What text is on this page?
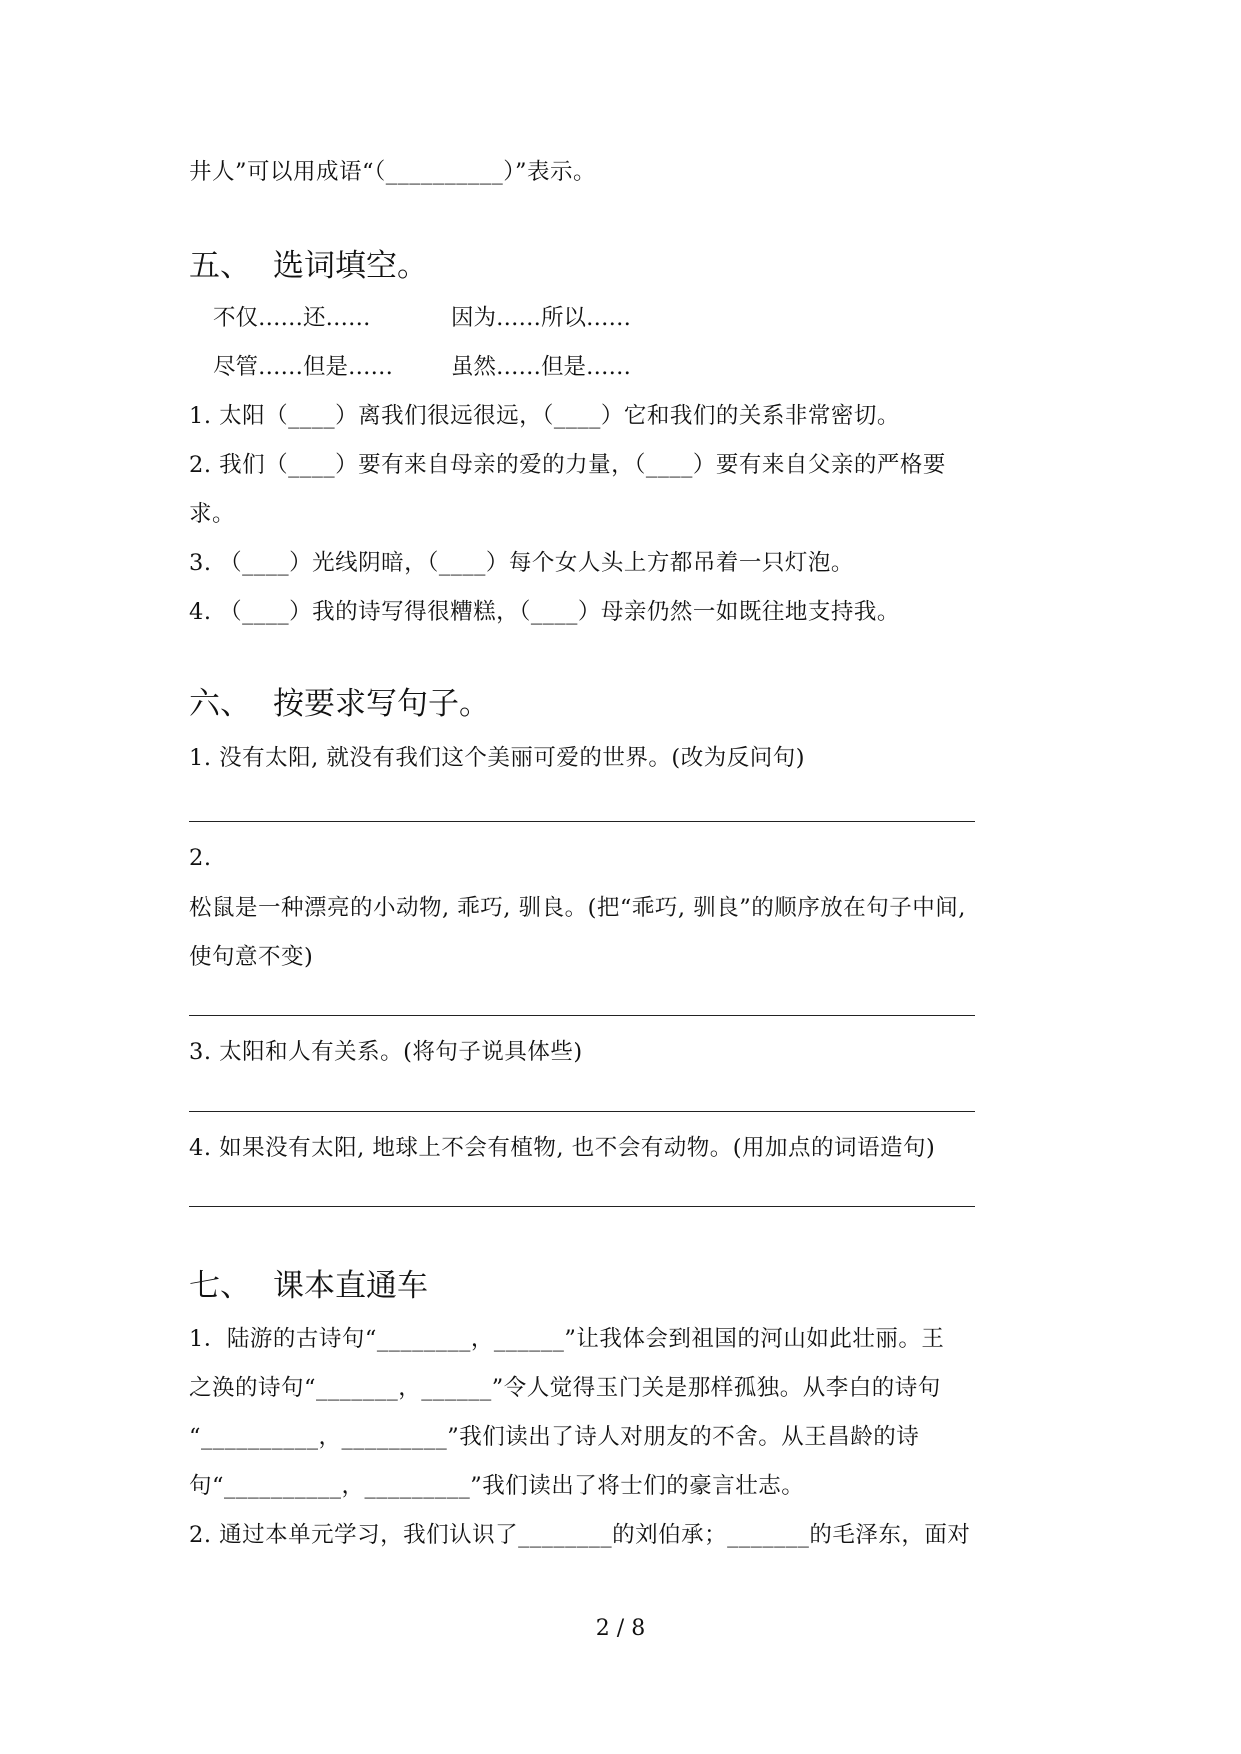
井人”可以用成语“（__________）”表示。
五、 选词填空。
不仅……还……	因为……所以……
尽管……但是……	虽然……但是……
1. 太阳（____）离我们很远很远，（____）它和我们的关系非常密切。
2. 我们（____）要有来自母亲的爱的力量，（____）要有来自父亲的严格要
求。
3. （____）光线阴暗，（____）每个女人头上方都吊着一只灯泡。
4. （____）我的诗写得很糟糕，（____）母亲仍然一如既往地支持我。
六、 按要求写句子。
1. 没有太阳, 就没有我们这个美丽可爱的世界。(改为反问句)
2.
松鼠是一种漂亮的小动物, 乖巧, 驯良。(把“乖巧, 驯良”的顺序放在句子中间,
使句意不变)
3. 太阳和人有关系。(将句子说具体些)
4. 如果没有太阳, 地球上不会有植物, 也不会有动物。(用加点的词语造句)
七、 课本直通车
1．陆游的古诗句“________，______”让我体会到祖国的河山如此壮丽。王
之涣的诗句“_______，______”令人觉得玉门关是那样孤独。从李白的诗句
“__________，_________”我们读出了诗人对朋友的不舍。从王昌龄的诗
句“__________，_________”我们读出了将士们的豪言壮志。
2. 通过本单元学习，我们认识了________的刘伯承；_______的毛泽东，面对
2 / 8
